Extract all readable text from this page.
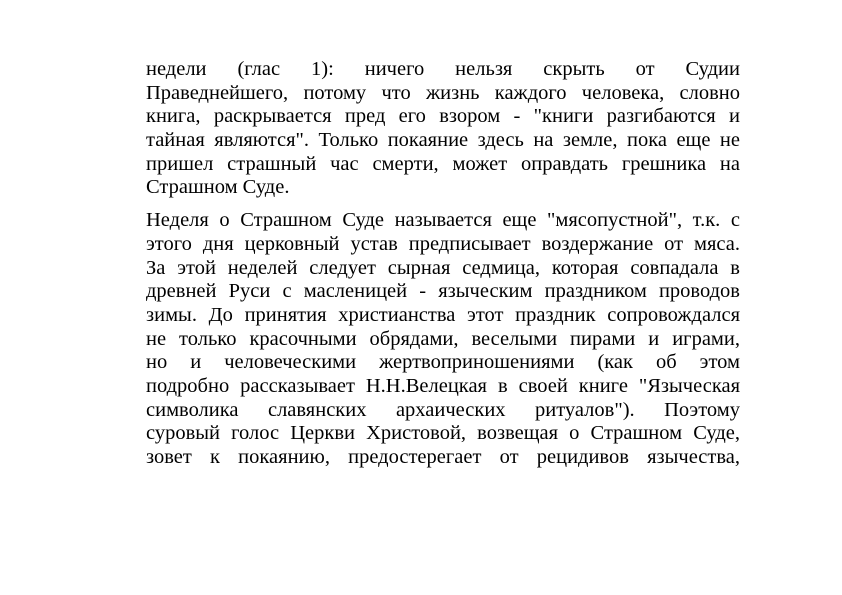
недели (глас 1): ничего нельзя скрыть от Судии
Праведнейшего, потому что жизнь каждого человека, словно
книга, раскрывается пред его взором - "книги разгибаются и
тайная являются". Только покаяние здесь на земле, пока еще не
пришел страшный час смерти, может оправдать грешника на
Страшном Суде.

Неделя о Страшном Суде называется еще "мясопустной", т.к. с
этого дня церковный устав предписывает воздержание от мяса.
За этой неделей следует сырная седмица, которая совпадала в
древней Руси с масленицей - языческим праздником проводов
зимы. До принятия христианства этот праздник сопровождался
не только красочными обрядами, веселыми пирами и играми,
но и человеческими жертвоприношениями (как об этом
подробно рассказывает Н.Н.Велецкая в своей книге "Языческая
символика славянских архаических ритуалов"). Поэтому
суровый голос Церкви Христовой, возвещая о Страшном Суде,
зовет к покаянию, предостерегает от рецидивов язычества,
